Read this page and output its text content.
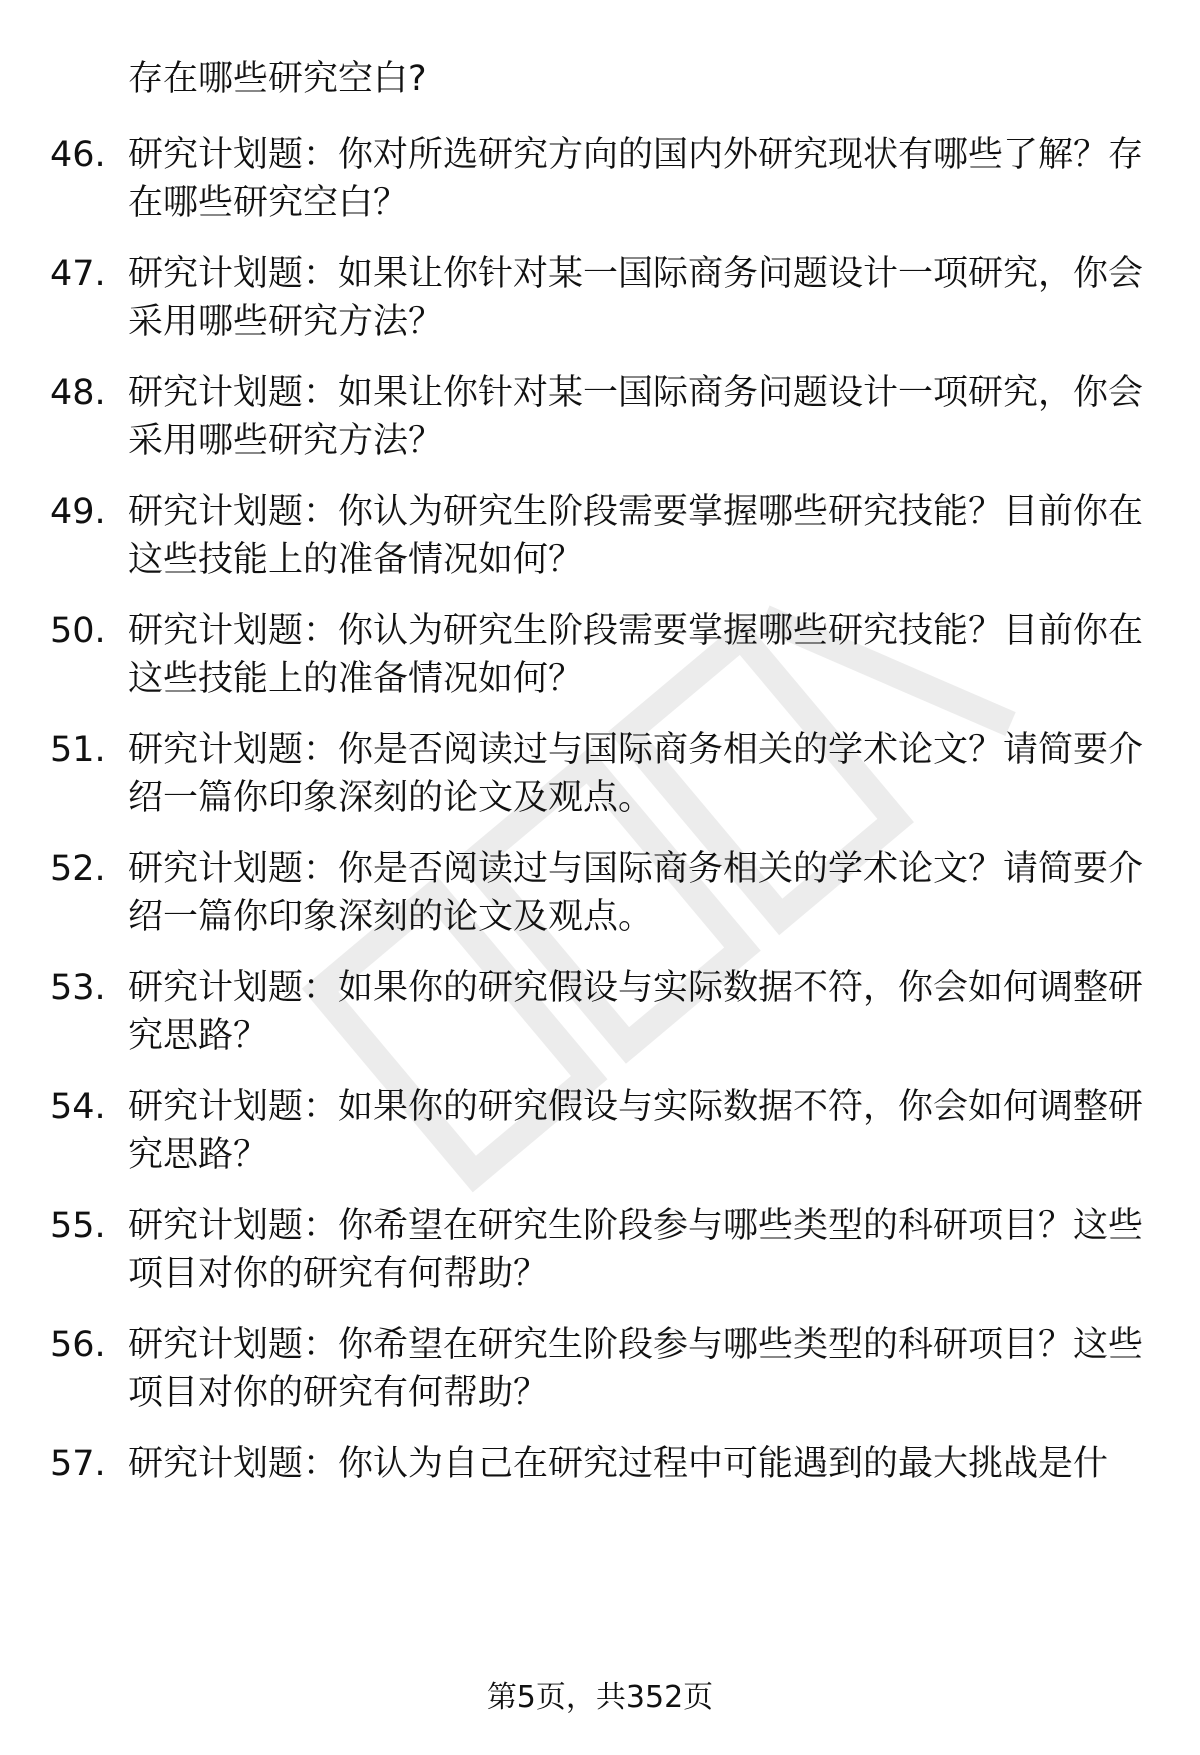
存在哪些研究空白?

46. 研究计划题：你对所选研究方向的国内外研究现状有哪些了解？存在哪些研究空白？
47. 研究计划题：如果让你针对某一国际商务问题设计一项研究，你会采用哪些研究方法？
48. 研究计划题：如果让你针对某一国际商务问题设计一项研究，你会采用哪些研究方法？
49. 研究计划题：你认为研究生阶段需要掌握哪些研究技能？目前你在这些技能上的准备情况如何？
50. 研究计划题：你认为研究生阶段需要掌握哪些研究技能？目前你在这些技能上的准备情况如何？
51. 研究计划题：你是否阅读过与国际商务相关的学术论文？请简要介绍一篇你印象深刻的论文及观点。
52. 研究计划题：你是否阅读过与国际商务相关的学术论文？请简要介绍一篇你印象深刻的论文及观点。
53. 研究计划题：如果你的研究假设与实际数据不符，你会如何调整研究思路？
54. 研究计划题：如果你的研究假设与实际数据不符，你会如何调整研究思路？
55. 研究计划题：你希望在研究生阶段参与哪些类型的科研项目？这些项目对你的研究有何帮助？
56. 研究计划题：你希望在研究生阶段参与哪些类型的科研项目？这些项目对你的研究有何帮助？
57. 研究计划题：你认为自己在研究过程中可能遇到的最大挑战是什
第5页，共352页
